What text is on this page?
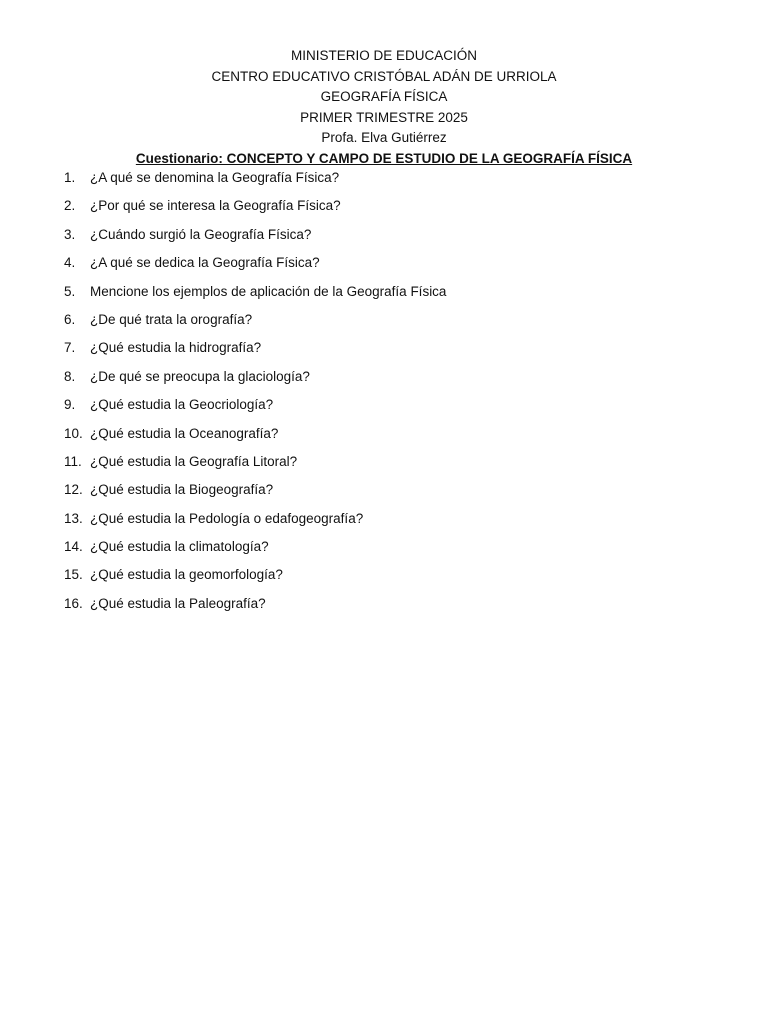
MINISTERIO DE EDUCACIÓN
CENTRO EDUCATIVO CRISTÓBAL ADÁN DE URRIOLA
GEOGRAFÍA FÍSICA
PRIMER TRIMESTRE 2025
Profa. Elva Gutiérrez
Cuestionario: CONCEPTO Y CAMPO DE ESTUDIO DE LA GEOGRAFÍA FÍSICA
1.	¿A qué se denomina la Geografía Física?
2.	¿Por qué se interesa la Geografía Física?
3.	¿Cuándo surgió la Geografía Física?
4.	¿A qué se dedica la Geografía Física?
5.	Mencione los ejemplos de aplicación de la Geografía Física
6.	¿De qué trata la orografía?
7.	¿Qué estudia la hidrografía?
8.	¿De qué se preocupa la glaciología?
9.	¿Qué estudia la Geocriología?
10. ¿Qué estudia la Oceanografía?
11. ¿Qué estudia la Geografía Litoral?
12. ¿Qué estudia la Biogeografía?
13. ¿Qué estudia la Pedología o edafogeografía?
14. ¿Qué estudia la climatología?
15. ¿Qué estudia la geomorfología?
16. ¿Qué estudia la Paleografía?
